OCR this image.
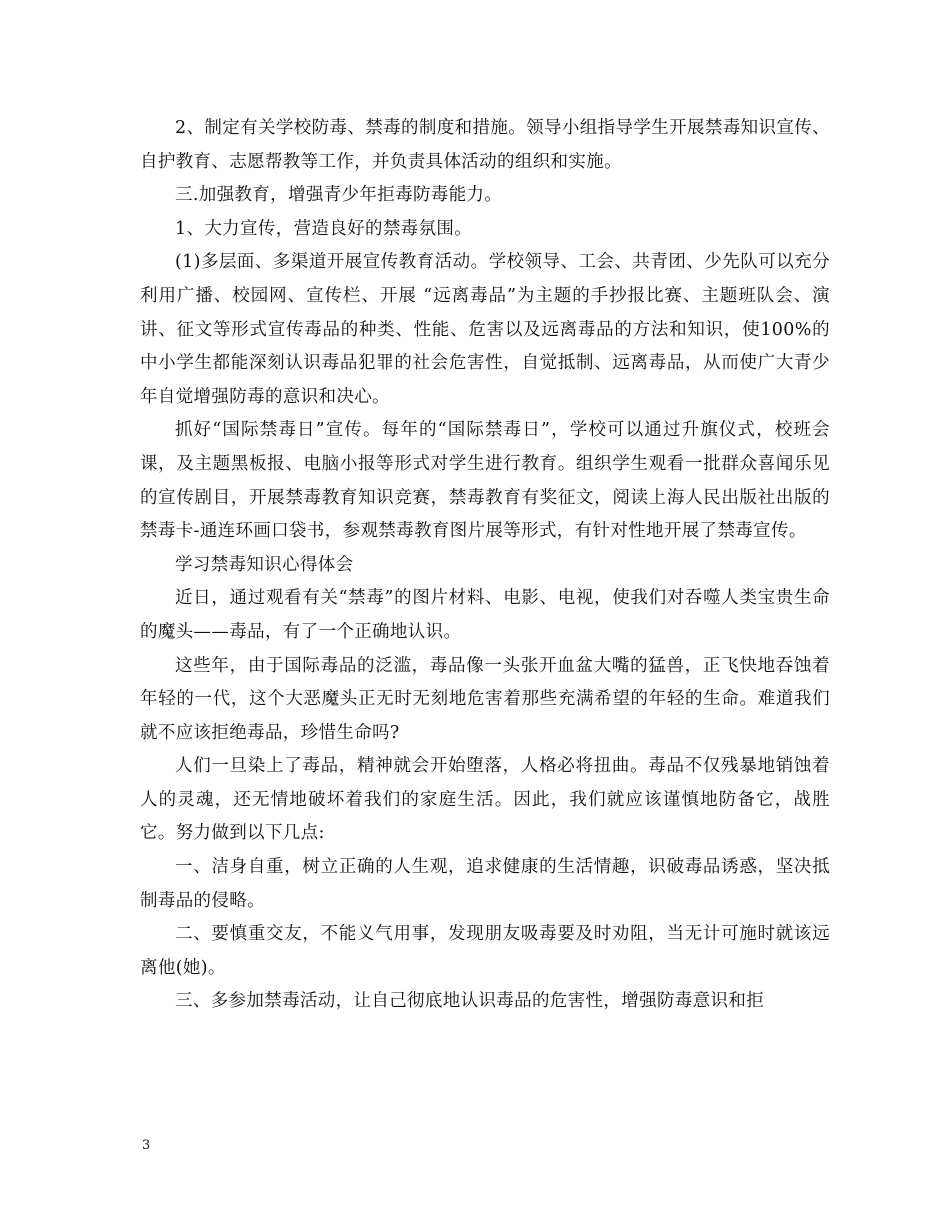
2、制定有关学校防毒、禁毒的制度和措施。领导小组指导学生开展禁毒知识宣传、自护教育、志愿帮教等工作，并负责具体活动的组织和实施。

三.加强教育，增强青少年拒毒防毒能力。

1、大力宣传，营造良好的禁毒氛围。

(1)多层面、多渠道开展宣传教育活动。学校领导、工会、共青团、少先队可以充分利用广播、校园网、宣传栏、开展 “远离毒品”为主题的手抄报比赛、主题班队会、演讲、征文等形式宣传毒品的种类、性能、危害以及远离毒品的方法和知识，使100%的中小学生都能深刻认识毒品犯罪的社会危害性，自觉抵制、远离毒品，从而使广大青少年自觉增强防毒的意识和决心。

抓好“国际禁毒日”宣传。每年的“国际禁毒日”，学校可以通过升旗仪式，校班会课，及主题黑板报、电脑小报等形式对学生进行教育。组织学生观看一批群众喜闻乐见的宣传剧目，开展禁毒教育知识竞赛，禁毒教育有奖征文，阅读上海人民出版社出版的禁毒卡-通连环画口袋书，参观禁毒教育图片展等形式，有针对性地开展了禁毒宣传。

学习禁毒知识心得体会

近日，通过观看有关“禁毒”的图片材料、电影、电视，使我们对吞噬人类宝贵生命的魔头——毒品，有了一个正确地认识。

这些年，由于国际毒品的泛滥，毒品像一头张开血盆大嘴的猛兽，正飞快地吞蚀着年轻的一代，这个大恶魔头正无时无刻地危害着那些充满希望的年轻的生命。难道我们就不应该拒绝毒品，珍惜生命吗?

人们一旦染上了毒品，精神就会开始堕落，人格必将扭曲。毒品不仅残暴地销蚀着人的灵魂，还无情地破坏着我们的家庭生活。因此，我们就应该谨慎地防备它，战胜它。努力做到以下几点:

一、洁身自重，树立正确的人生观，追求健康的生活情趣，识破毒品诱惑，坚决抵制毒品的侵略。

二、要慎重交友，不能义气用事，发现朋友吸毒要及时劝阻，当无计可施时就该远离他(她)。

三、多参加禁毒活动，让自己彻底地认识毒品的危害性，增强防毒意识和拒

3
